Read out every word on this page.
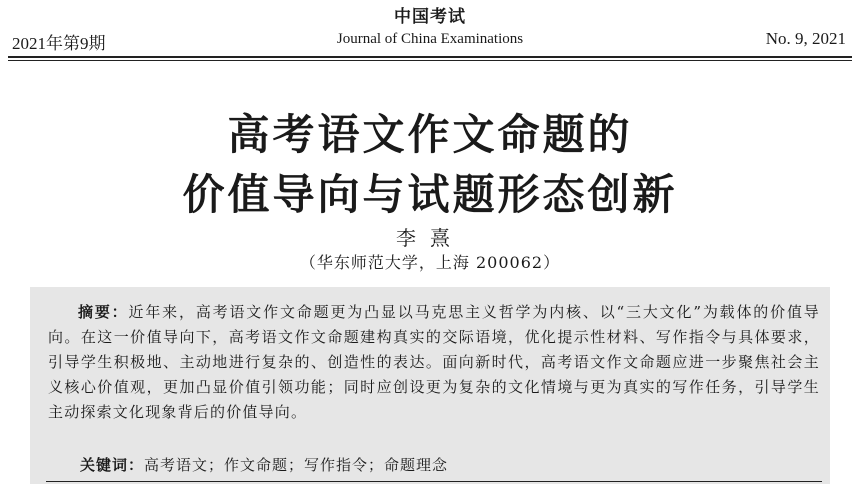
中国考试
2021年第9期	Journal of China Examinations	No. 9, 2021
高考语文作文命题的
价值导向与试题形态创新
李熹
（华东师范大学，上海 200062）
摘要：近年来，高考语文作文命题更为凸显以马克思主义哲学为内核、以“三大文化”为载体的价值导向。在这一价值导向下，高考语文作文命题建构真实的交际语境，优化提示性材料、写作指令与具体要求，引导学生积极地、主动地进行复杂的、创造性的表达。面向新时代，高考语文作文命题应进一步聚焦社会主义核心价值观，更加凸显价值引领功能；同时应创设更为复杂的文化情境与更为真实的写作任务，引导学生主动探索文化现象背后的价值导向。
关键词：高考语文；作文命题；写作指令；命题理念
